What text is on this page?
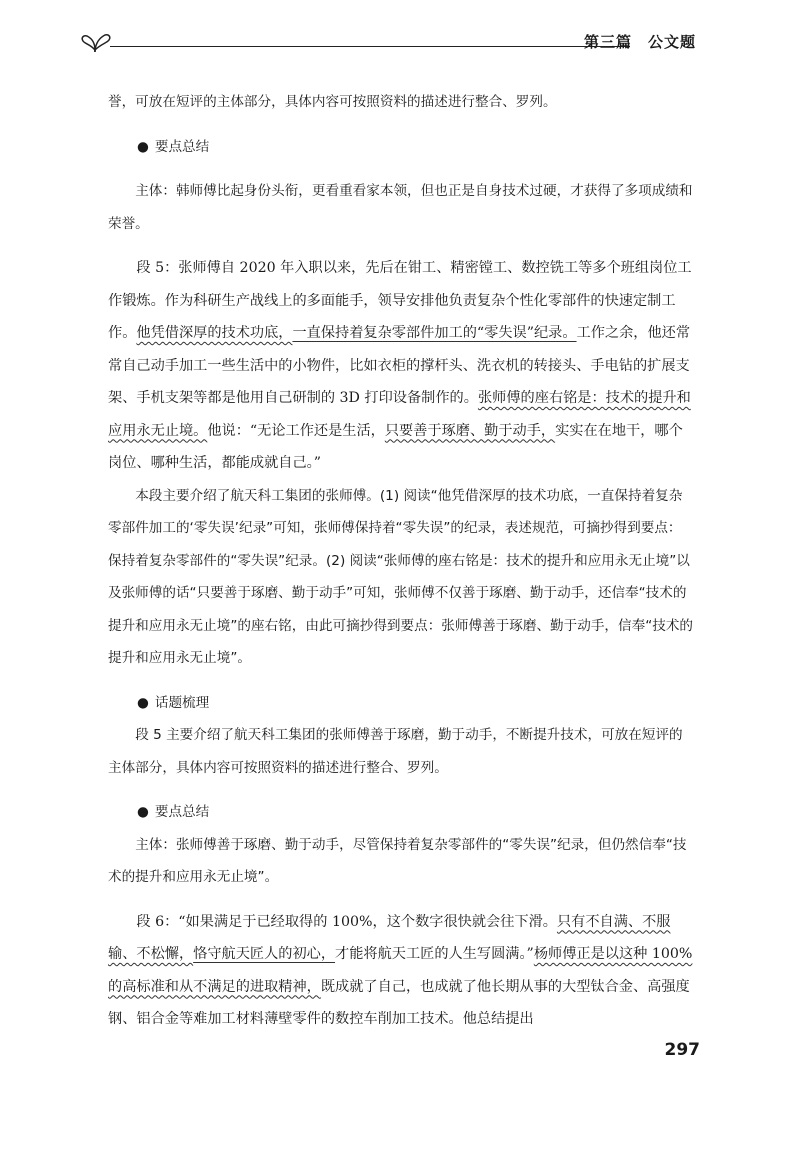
第三篇 公文题

誉，可放在短评的主体部分，具体内容可按照资料的描述进行整合、罗列。

● 要点总结

主体：韩师傅比起身份头衔，更看重看家本领，但也正是自身技术过硬，才获得了多项成绩和荣誉。

段 5：张师傅自 2020 年入职以来，先后在钳工、精密镗工、数控铣工等多个班组岗位工作锻炼。作为科研生产战线上的多面能手，领导安排他负责复杂个性化零部件的快速定制工作。他凭借深厚的技术功底，一直保持着复杂零部件加工的“零失误”纪录。工作之余，他还常常自己动手加工一些生活中的小物件，比如衣柜的撑杆头、洗衣机的转接头、手电钻的扩展支架、手机支架等都是他用自己研制的 3D 打印设备制作的。张师傅的座右铭是：技术的提升和应用永无止境。他说：“无论工作还是生活，只要善于琢磨、勤于动手，实实在在地干，哪个岗位、哪种生活，都能成就自己。”

本段主要介绍了航天科工集团的张师傅。(1) 阅读“他凭借深厚的技术功底，一直保持着复杂零部件加工的‘零失误’纪录”可知，张师傅保持着“零失误”的纪录，表述规范，可摘抄得到要点：保持着复杂零部件的“零失误”纪录。(2) 阅读“张师傅的座右铭是：技术的提升和应用永无止境”以及张师傅的话“只要善于琢磨、勤于动手”可知，张师傅不仅善于琢磨、勤于动手，还信奉“技术的提升和应用永无止境”的座右铭，由此可摘抄得到要点：张师傅善于琢磨、勤于动手，信奉“技术的提升和应用永无止境”。

● 话题梳理

段 5 主要介绍了航天科工集团的张师傅善于琢磨，勤于动手，不断提升技术，可放在短评的主体部分，具体内容可按照资料的描述进行整合、罗列。

● 要点总结

主体：张师傅善于琢磨、勤于动手，尽管保持着复杂零部件的“零失误”纪录，但仍然信奉“技术的提升和应用永无止境”。

段 6：“如果满足于已经取得的 100%，这个数字很快就会往下滑。只有不自满、不服输、不松懈，恪守航天匠人的初心，才能将航天工匠的人生写圆满。”杨师傅正是以这种 100% 的高标准和从不满足的进取精神，既成就了自己，也成就了他长期从事的大型钛合金、高强度钢、铝合金等难加工材料薄壁零件的数控车削加工技术。他总结提出

297
